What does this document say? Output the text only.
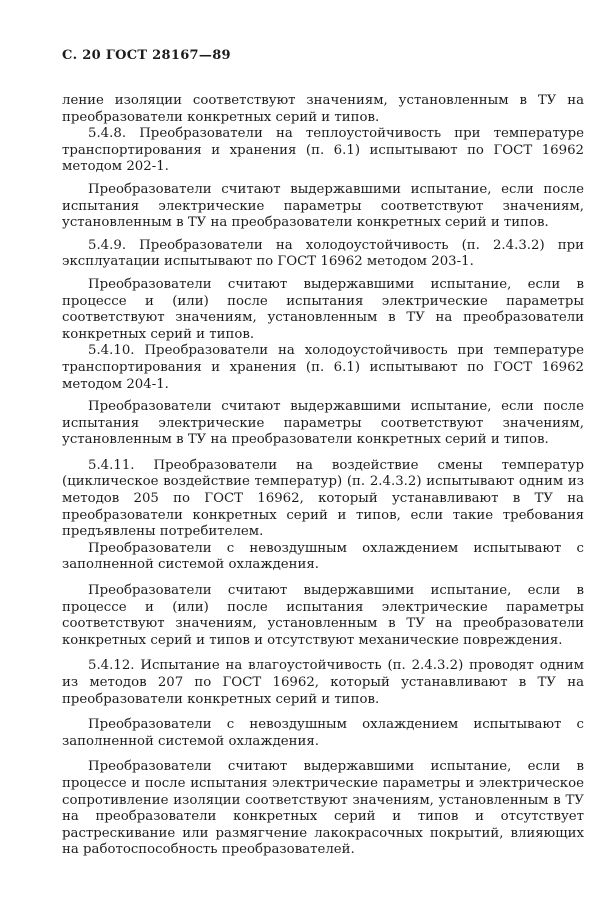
С. 20 ГОСТ 28167—89

ление изоляции соответствуют значениям, установленным в ТУ на преобразователи конкретных серий и типов.

5.4.8. Преобразователи на теплоустойчивость при температуре транспортирования и хранения (п. 6.1) испытывают по ГОСТ 16962 методом 202-1.

Преобразователи считают выдержавшими испытание, если после испытания электрические параметры соответствуют значениям, установленным в ТУ на преобразователи конкретных серий и типов.

5.4.9. Преобразователи на холодоустойчивость (п. 2.4.3.2) при эксплуатации испытывают по ГОСТ 16962 методом 203-1.

Преобразователи считают выдержавшими испытание, если в процессе и (или) после испытания электрические параметры соответствуют значениям, установленным в ТУ на преобразователи конкретных серий и типов.

5.4.10. Преобразователи на холодоустойчивость при температуре транспортирования и хранения (п. 6.1) испытывают по ГОСТ 16962 методом 204-1.

Преобразователи считают выдержавшими испытание, если после испытания электрические параметры соответствуют значениям, установленным в ТУ на преобразователи конкретных серий и типов.

5.4.11. Преобразователи на воздействие смены температур (циклическое воздействие температур) (п. 2.4.3.2) испытывают одним из методов 205 по ГОСТ 16962, который устанавливают в ТУ на преобразователи конкретных серий и типов, если такие требования предъявлены потребителем.

Преобразователи с невоздушным охлаждением испытывают с заполненной системой охлаждения.

Преобразователи считают выдержавшими испытание, если в процессе и (или) после испытания электрические параметры соответствуют значениям, установленным в ТУ на преобразователи конкретных серий и типов и отсутствуют механические повреждения.

5.4.12. Испытание на влагоустойчивость (п. 2.4.3.2) проводят одним из методов 207 по ГОСТ 16962, который устанавливают в ТУ на преобразователи конкретных серий и типов.

Преобразователи с невоздушным охлаждением испытывают с заполненной системой охлаждения.

Преобразователи считают выдержавшими испытание, если в процессе и после испытания электрические параметры и электрическое сопротивление изоляции соответствуют значениям, установленным в ТУ на преобразователи конкретных серий и типов и отсутствует растрескивание или размягчение лакокрасочных покрытий, влияющих на работоспособность преобразователей.
